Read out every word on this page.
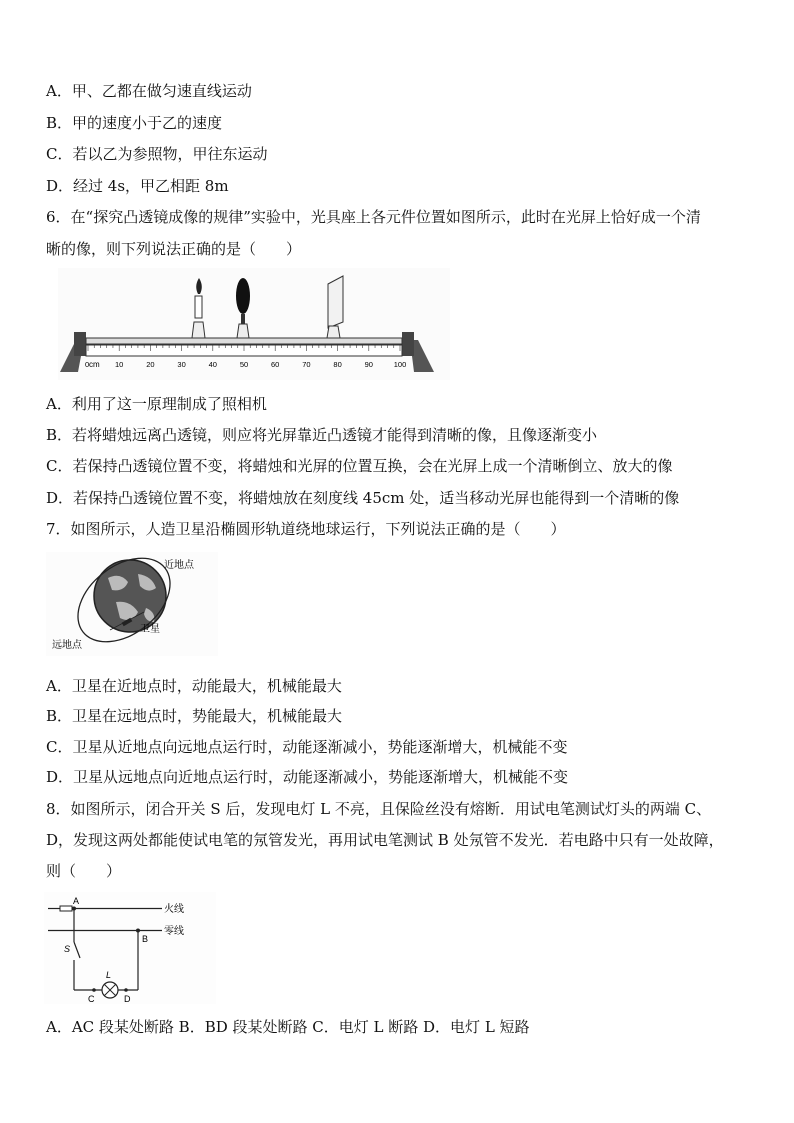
A．甲、乙都在做匀速直线运动
B．甲的速度小于乙的速度
C．若以乙为参照物，甲往东运动
D．经过 4s，甲乙相距 8m
6．在“探究凸透镜成像的规律”实验中，光具座上各元件位置如图所示，此时在光屏上恰好成一个清
晰的像，则下列说法正确的是（　　）
10	20	30	40	50	60	70	80	90	100
0 cm
A．利用了这一原理制成了照相机
B．若将蜡烛远离凸透镜，则应将光屏靠近凸透镜才能得到清晰的像，且像逐渐变小
C．若保持凸透镜位置不变，将蜡烛和光屏的位置互换，会在光屏上成一个清晰倒立、放大的像
D．若保持凸透镜位置不变，将蜡烛放在刻度线 45cm 处，适当移动光屏也能得到一个清晰的像
7．如图所示，人造卫星沿椭圆形轨道绕地球运行，下列说法正确的是（　　）
近地点
卫星
远地点
A．卫星在近地点时，动能最大，机械能最大
B．卫星在远地点时，势能最大，机械能最大
C．卫星从近地点向远地点运行时，动能逐渐减小，势能逐渐增大，机械能不变
D．卫星从远地点向近地点运行时，动能逐渐减小，势能逐渐增大，机械能不变
8．如图所示，闭合开关 S 后，发现电灯 L 不亮，且保险丝没有熔断．用试电笔测试灯头的两端 C、
D，发现这两处都能使试电笔的氖管发光，再用试电笔测试 B 处氖管不发光．若电路中只有一处故障，
则（　　）
火线
零线
A
S
C
L
D
B
A．AC 段某处断路 B．BD 段某处断路 C．电灯 L 断路 D．电灯 L 短路
